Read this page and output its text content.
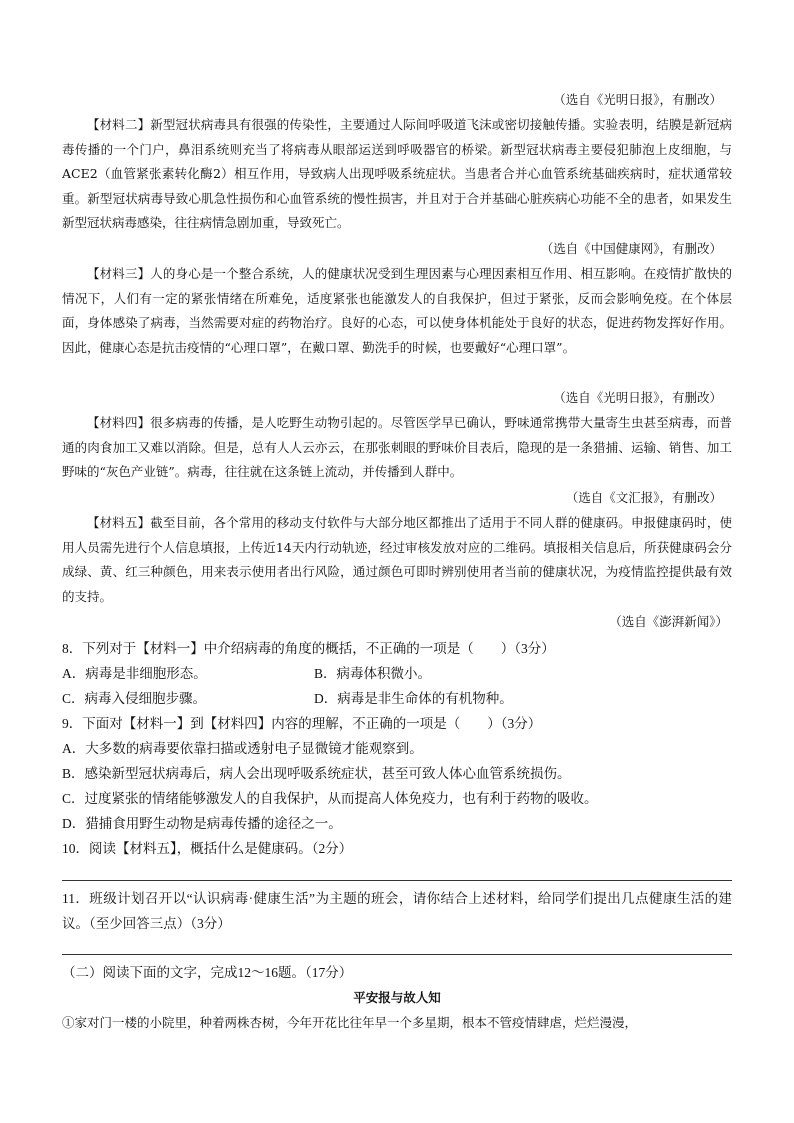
（选自《光明日报》，有删改）

【材料二】新型冠状病毒具有很强的传染性，主要通过人际间呼吸道飞沫或密切接触传播。实验表明，结膜是新冠病毒传播的一个门户，鼻泪系统则充当了将病毒从眼部运送到呼吸器官的桥梁。新型冠状病毒主要侵犯肺泡上皮细胞，与ACE2（血管紧张素转化酶2）相互作用，导致病人出现呼吸系统症状。当患者合并心血管系统基础疾病时，症状通常较重。新型冠状病毒导致心肌急性损伤和心血管系统的慢性损害，并且对于合并基础心脏疾病心功能不全的患者，如果发生新型冠状病毒感染，往往病情急剧加重，导致死亡。

（选自《中国健康网》，有删改）

【材料三】人的身心是一个整合系统，人的健康状况受到生理因素与心理因素相互作用、相互影响。在疫情扩散快的情况下，人们有一定的紧张情绪在所难免，适度紧张也能激发人的自我保护，但过于紧张，反而会影响免疫。在个体层面，身体感染了病毒，当然需要对症的药物治疗。良好的心态，可以使身体机能处于良好的状态，促进药物发挥好作用。因此，健康心态是抗击疫情的“心理口罩”，在戴口罩、勤洗手的时候，也要戴好“心理口罩”。

（选自《光明日报》，有删改）

【材料四】很多病毒的传播，是人吃野生动物引起的。尽管医学早已确认，野味通常携带大量寄生虫甚至病毒，而普通的肉食加工又难以消除。但是，总有人人云亦云，在那张刺眼的野味价目表后，隐现的是一条猎捕、运输、销售、加工野味的“灰色产业链”。病毒，往往就在这条链上流动，并传播到人群中。

（选自《文汇报》，有删改）

【材料五】截至目前，各个常用的移动支付软件与大部分地区都推出了适用于不同人群的健康码。申报健康码时，使用人员需先进行个人信息填报，上传近14天内行动轨迹，经过审核发放对应的二维码。填报相关信息后，所获健康码会分成绿、黄、红三种颜色，用来表示使用者出行风险，通过颜色可即时辨别使用者当前的健康状况，为疫情监控提供最有效的支持。

（选自《澎湃新闻》）
8．下列对于【材料一】中介绍病毒的角度的概括，不正确的一项是（　　）（3分）
A．病毒是非细胞形态。	B．病毒体积微小。
C．病毒入侵细胞步骤。	D．病毒是非生命体的有机物种。
9．下面对【材料一】到【材料四】内容的理解，不正确的一项是（　　）（3分）
A．大多数的病毒要依靠扫描或透射电子显微镜才能观察到。
B．感染新型冠状病毒后，病人会出现呼吸系统症状，甚至可致人体心血管系统损伤。
C．过度紧张的情绪能够激发人的自我保护，从而提高人体免疫力，也有利于药物的吸收。
D．猎捕食用野生动物是病毒传播的途径之一。
10．阅读【材料五】，概括什么是健康码。（2分）
11．班级计划召开以“认识病毒·健康生活”为主题的班会，请你结合上述材料，给同学们提出几点健康生活的建议。（至少回答三点）（3分）
（二）阅读下面的文字，完成12～16题。（17分）
平安报与故人知
①家对门一楼的小院里，种着两株杏树，今年开花比往年早一个多星期，根本不管疫情肆虐，烂烂漫漫，
